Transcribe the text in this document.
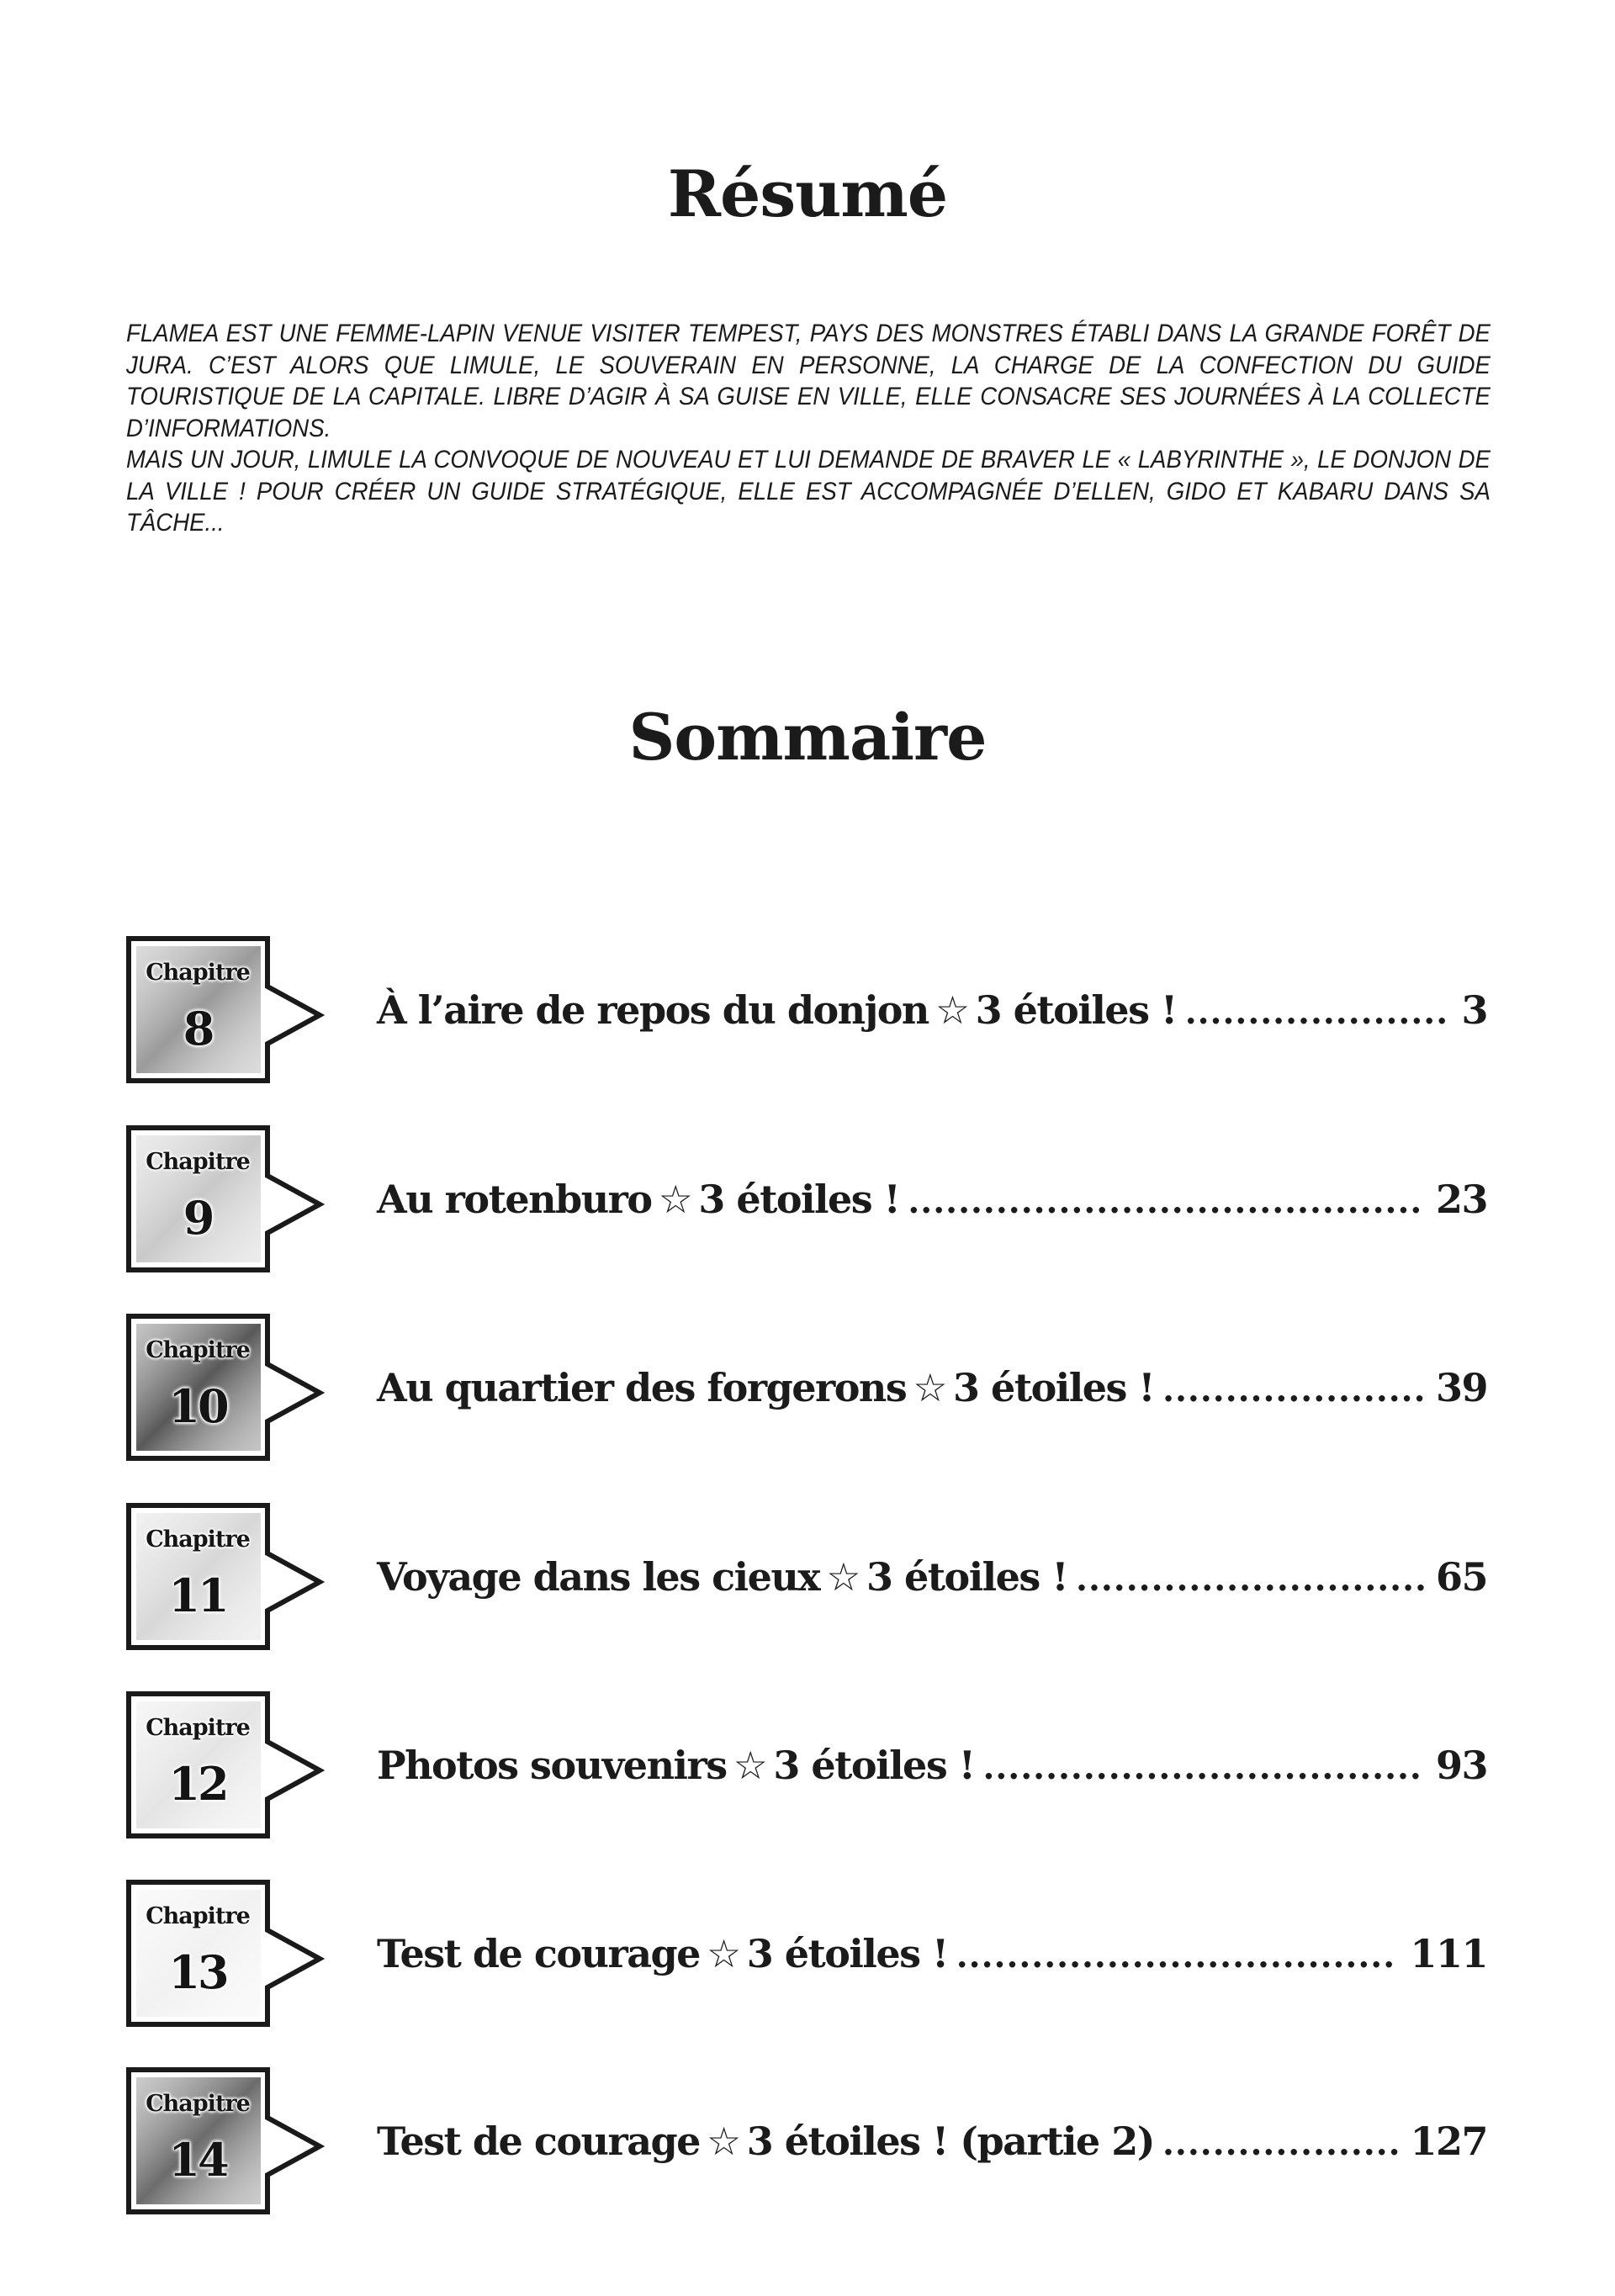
Résumé

FLAMEA EST UNE FEMME-LAPIN VENUE VISITER TEMPEST, PAYS DES MONSTRES ÉTABLI DANS LA GRANDE FORÊT DE JURA. C’EST ALORS QUE LIMULE, LE SOUVERAIN EN PERSONNE, LA CHARGE DE LA CONFECTION DU GUIDE TOURISTIQUE DE LA CAPITALE. LIBRE D’AGIR À SA GUISE EN VILLE, ELLE CONSACRE SES JOURNÉES À LA COLLECTE D’INFORMATIONS.

MAIS UN JOUR, LIMULE LA CONVOQUE DE NOUVEAU ET LUI DEMANDE DE BRAVER LE « LABYRINTHE », LE DONJON DE LA VILLE ! POUR CRÉER UN GUIDE STRATÉGIQUE, ELLE EST ACCOMPAGNÉE D’ELLEN, GIDO ET KABARU DANS SA TÂCHE...

Sommaire
Chapitre
8	À l’aire de repos du donjon ☆ 3 étoiles ! .....	3
Chapitre
9	Au rotenburo ☆ 3 étoiles ! .....	23
Chapitre
10	Au quartier des forgerons ☆ 3 étoiles ! .....	39
Chapitre
11	Voyage dans les cieux ☆ 3 étoiles ! .....	65
Chapitre
12	Photos souvenirs ☆ 3 étoiles ! .....	93
Chapitre
13	Test de courage ☆ 3 étoiles ! .....	111
Chapitre
14	Test de courage ☆ 3 étoiles ! (partie 2) .....	127
